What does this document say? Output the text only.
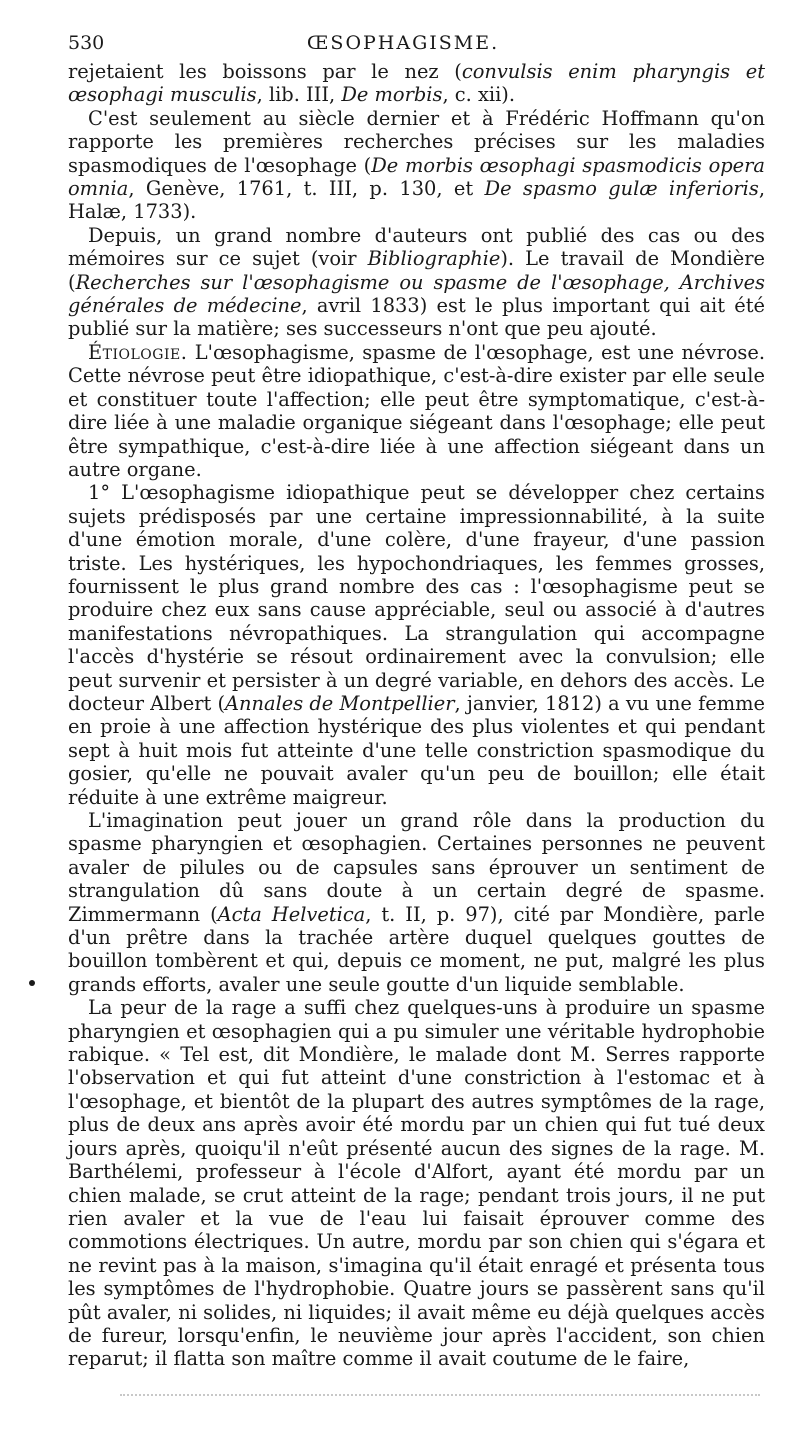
530	ŒSOPHAGISME.

rejetaient les boissons par le nez (convulsis enim pharyngis et œsophagi musculis, lib. III, De morbis, c. xii).

C'est seulement au siècle dernier et à Frédéric Hoffmann qu'on rapporte les premières recherches précises sur les maladies spasmodiques de l'œsophage (De morbis œsophagi spasmodicis opera omnia, Genève, 1761, t. III, p. 130, et De spasmo gulæ inferioris, Halæ, 1733).

Depuis, un grand nombre d'auteurs ont publié des cas ou des mémoires sur ce sujet (voir Bibliographie). Le travail de Mondière (Recherches sur l'œsophagisme ou spasme de l'œsophage, Archives générales de médecine, avril 1833) est le plus important qui ait été publié sur la matière; ses successeurs n'ont que peu ajouté.

Étiologie. L'œsophagisme, spasme de l'œsophage, est une névrose. Cette névrose peut être idiopathique, c'est-à-dire exister par elle seule et constituer toute l'affection; elle peut être symptomatique, c'est-à-dire liée à une maladie organique siégeant dans l'œsophage; elle peut être sympathique, c'est-à-dire liée à une affection siégeant dans un autre organe.

1° L'œsophagisme idiopathique peut se développer chez certains sujets prédisposés par une certaine impressionnabilité, à la suite d'une émotion morale, d'une colère, d'une frayeur, d'une passion triste. Les hystériques, les hypochondriaques, les femmes grosses, fournissent le plus grand nombre des cas : l'œsophagisme peut se produire chez eux sans cause appréciable, seul ou associé à d'autres manifestations névropathiques. La strangulation qui accompagne l'accès d'hystérie se résout ordinairement avec la convulsion; elle peut survenir et persister à un degré variable, en dehors des accès. Le docteur Albert (Annales de Montpellier, janvier, 1812) a vu une femme en proie à une affection hystérique des plus violentes et qui pendant sept à huit mois fut atteinte d'une telle constriction spasmodique du gosier, qu'elle ne pouvait avaler qu'un peu de bouillon; elle était réduite à une extrême maigreur.

L'imagination peut jouer un grand rôle dans la production du spasme pharyngien et œsophagien. Certaines personnes ne peuvent avaler de pilules ou de capsules sans éprouver un sentiment de strangulation dû sans doute à un certain degré de spasme. Zimmermann (Acta Helvetica, t. II, p. 97), cité par Mondière, parle d'un prêtre dans la trachée artère duquel quelques gouttes de bouillon tombèrent et qui, depuis ce moment, ne put, malgré les plus grands efforts, avaler une seule goutte d'un liquide semblable.

La peur de la rage a suffi chez quelques-uns à produire un spasme pharyngien et œsophagien qui a pu simuler une véritable hydrophobie rabique. « Tel est, dit Mondière, le malade dont M. Serres rapporte l'observation et qui fut atteint d'une constriction à l'estomac et à l'œsophage, et bientôt de la plupart des autres symptômes de la rage, plus de deux ans après avoir été mordu par un chien qui fut tué deux jours après, quoiqu'il n'eût présenté aucun des signes de la rage. M. Barthélemi, professeur à l'école d'Alfort, ayant été mordu par un chien malade, se crut atteint de la rage; pendant trois jours, il ne put rien avaler et la vue de l'eau lui faisait éprouver comme des commotions électriques. Un autre, mordu par son chien qui s'égara et ne revint pas à la maison, s'imagina qu'il était enragé et présenta tous les symptômes de l'hydrophobie. Quatre jours se passèrent sans qu'il pût avaler, ni solides, ni liquides; il avait même eu déjà quelques accès de fureur, lorsqu'enfin, le neuvième jour après l'accident, son chien reparut; il flatta son maître comme il avait coutume de le faire,
